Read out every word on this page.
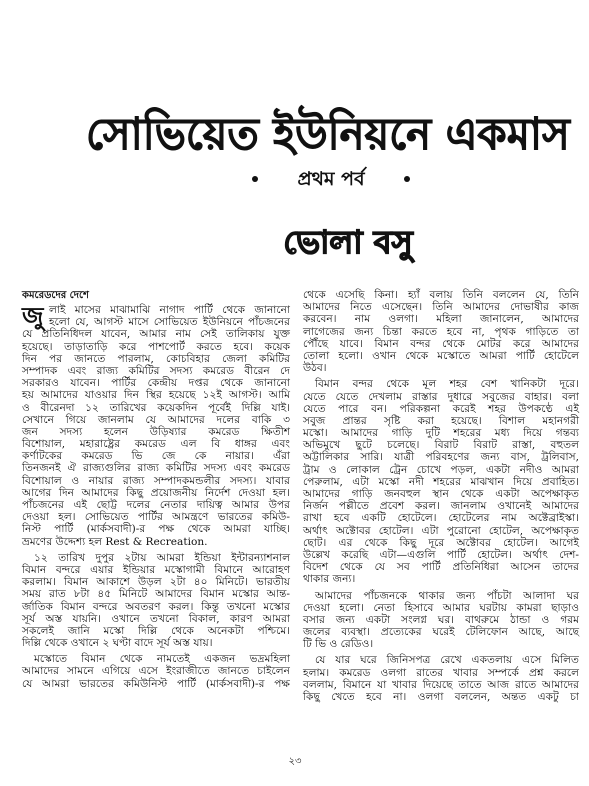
সোভিয়েত ইউনিয়নে একমাস
প্রথম পর্ব
ভোলা বসু
কমরেডদের দেশে
জু লাই মাসের মাঝামাঝি নাগাদ পার্টি থেকে জানানো
হলো যে, আগস্ট মাসে সোভিয়েত ইউনিয়নে পাঁচজনের
যে প্রতিনিধিদল যাবেন, আমার নাম সেই তালিকায় যুক্ত
হয়েছে। তাড়াতাড়ি করে পাশপোর্ট করতে হবে। কয়েক
দিন পর জানতে পারলাম, কোচবিহার জেলা কমিটির
সম্পাদক এবং রাজ্য কমিটির সদস্য কমরেড বীরেন দে
সরকারও যাবেন। পার্টির কেন্দ্রীয় দপ্তর থেকে জানানো
হয় আমাদের যাওয়ার দিন স্থির হয়েছে ১২ই আগস্ট। আমি
ও বীরেনদা ১২ তারিখের কয়েকদিন পূর্বেই দিল্লি যাই।
সেখানে গিয়ে জানলাম যে আমাদের দলের বাকি ৩
জন সদস্য হলেন উড়িষ্যার কমরেড ক্ষিতীশ
বিশোয়াল, মহারাষ্ট্রের কমরেড এল বি ধাঙ্গর এবং
কর্ণাটকের কমরেড ভি জে কে নায়ার। এঁরা
তিনজনই ঐ রাজ্যগুলির রাজ্য কমিটির সদস্য এবং কমরেড
বিশোয়াল ও নায়ার রাজ্য সম্পাদকমন্ডলীর সদস্য। যাবার
আগের দিন আমাদের কিছু প্রয়োজনীয় নির্দেশ দেওয়া হল।
পাঁচজনের এই ছোট্ট দলের নেতার দায়িত্ব আমার উপর
দেওয়া হল। সোভিয়েত পার্টির আমন্ত্রণে ভারতের কমিউ-
নিস্ট পার্টি (মার্কসবাদী)-র পক্ষ থেকে আমরা যাচ্ছি।
ভ্রমণের উদ্দেশ্য হল Rest & Recreation.
১২ তারিখ দুপুর ২টায় আমরা ইন্ডিয়া ইন্টারন্যাশনাল
বিমান বন্দরে এয়ার ইন্ডিয়ার মস্কোগামী বিমানে আরোহণ
করলাম। বিমান আকাশে উড়ল ২টা ৪০ মিনিটে। ভারতীয়
সময় রাত ৮টা ৪৫ মিনিটে আমাদের বিমান মস্কোর আন্ত-
র্জাতিক বিমান বন্দরে অবতরণ করল। কিন্তু তখনো মস্কোর
সূর্য অস্ত যায়নি। ওখানে তখনো বিকাল, কারণ আমরা
সকলেই জানি মস্কো দিল্লি থেকে অনেকটা পশ্চিমে।
দিল্লি থেকে ওখানে ২ ঘণ্টা বাদে সূর্য অস্ত যায়।
মস্কোতে বিমান থেকে নামতেই একজন ভদ্রমহিলা
আমাদের সামনে এগিয়ে এসে ইংরাজীতে জানতে চাইলেন
যে আমরা ভারতের কমিউনিস্ট পার্টি (মার্কসবাদী)-র পক্ষ
থেকে এসেছি কিনা। হ্যাঁ বলায় তিনি বললেন যে, তিনি
আমাদের নিতে এসেছেন। তিনি আমাদের দোভাষীর কাজ
করবেন। নাম ওলগা। মহিলা জানালেন, আমাদের
লাগেজের জন্য চিন্তা করতে হবে না, পৃথক গাড়িতে তা
পৌঁছে যাবে। বিমান বন্দর থেকে মোটর করে আমাদের
তোলা হলো। ওখান থেকে মস্কোতে আমরা পার্টি হোটেলে
উঠব।
বিমান বন্দর থেকে মূল শহর বেশ খানিকটা দূরে।
যেতে যেতে দেখলাম রাস্তার দুধারে সবুজের বাহার। বলা
যেতে পারে বন। পরিকল্পনা করেই শহর উপকণ্ঠে এই
সবুজ প্রান্তর সৃষ্টি করা হয়েছে। বিশাল মহানগরী
মস্কো। আমাদের গাড়ি দুটি শহরের মধ্য দিয়ে গন্তব্য
অভিমুখে ছুটে চলেছে। বিরাট বিরাট রাস্তা, বহুতল
অট্টালিকার সারি। যাত্রী পরিবহণের জন্য বাস, ট্রলিবাস,
ট্রাম ও লোকাল ট্রেন চোখে পড়ল, একটা নদীও আমরা
পেরুলাম, এটা মস্কো নদী শহরের মাঝখান দিয়ে প্রবাহিত।
আমাদের গাড়ি জনবহুল স্থান থেকে একটা অপেক্ষাকৃত
নির্জন পল্লীতে প্রবেশ করল। জানলাম ওখানেই আমাদের
রাখা হবে একটি হোটেলে। হোটেলের নাম অক্টেব্রাইস্কা।
অর্থাৎ অক্টোবর হোটেল। এটা পুরোনো হোটেল, অপেক্ষাকৃত
ছোট। এর থেকে কিছু দূরে অক্টোবর হোটেল। আগেই
উল্লেখ করেছি এটা—এগুলি পার্টি হোটেল। অর্থাৎ দেশ-
বিদেশ থেকে যে সব পার্টি প্রতিনিধিরা আসেন তাদের
থাকার জন্য।
আমাদের পাঁচজনকে থাকার জন্য পাঁচটা আলাদা ঘর
দেওয়া হলো। নেতা হিসাবে আমার ঘরটায় কামরা ছাড়াও
বসার জন্য একটা সংলগ্ন ঘর। বাথরুমে ঠান্ডা ও গরম
জলের ব্যবস্থা। প্রত্যেকের ঘরেই টেলিফোন আছে, আছে
টি ভি ও রেডিও।
যে যার ঘরে জিনিসপত্র রেখে একতলায় এসে মিলিত
হলাম। কমরেড ওলগা রাতের খাবার সম্পর্কে প্রশ্ন করলে
বললাম, বিমানে যা খাবার দিয়েছে তাতে আজ রাতে আমাদের
কিছু খেতে হবে না। ওলগা বললেন, অন্তত একটু চা
২৩
